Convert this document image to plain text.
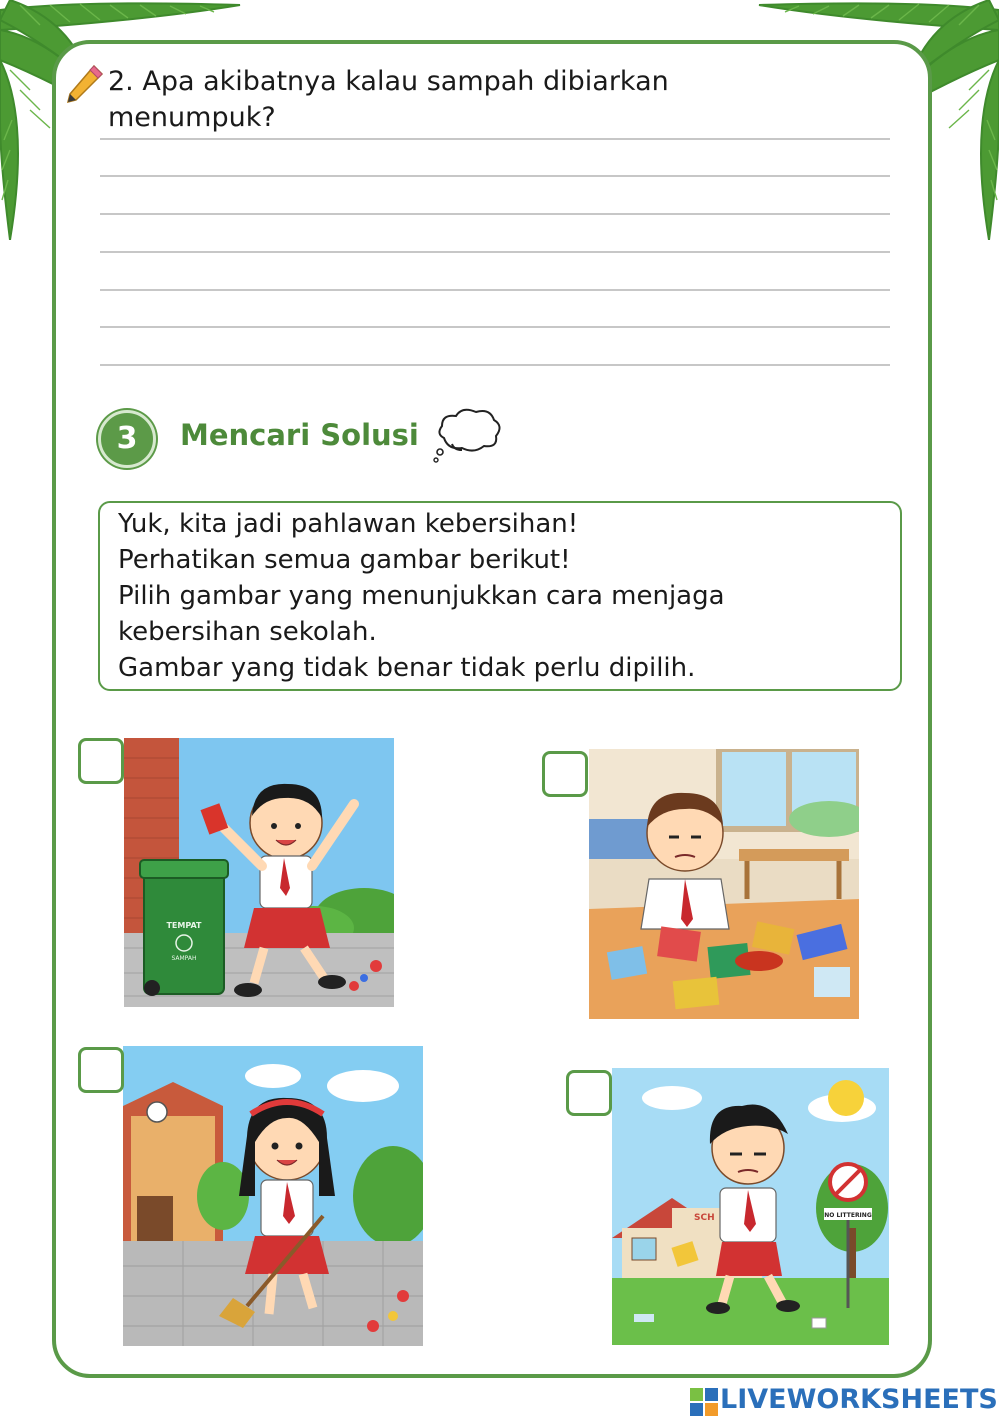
2. Apa akibatnya kalau sampah dibiarkan
menumpuk?
3	Mencari Solusi
Yuk, kita jadi pahlawan kebersihan!
Perhatikan semua gambar berikut!
Pilih gambar yang menunjukkan cara menjaga
kebersihan sekolah.
Gambar yang tidak benar tidak perlu dipilih.
TEMPAT
SAMPAH
SCH	NO LITTERING
LIVEWORKSHEETS
